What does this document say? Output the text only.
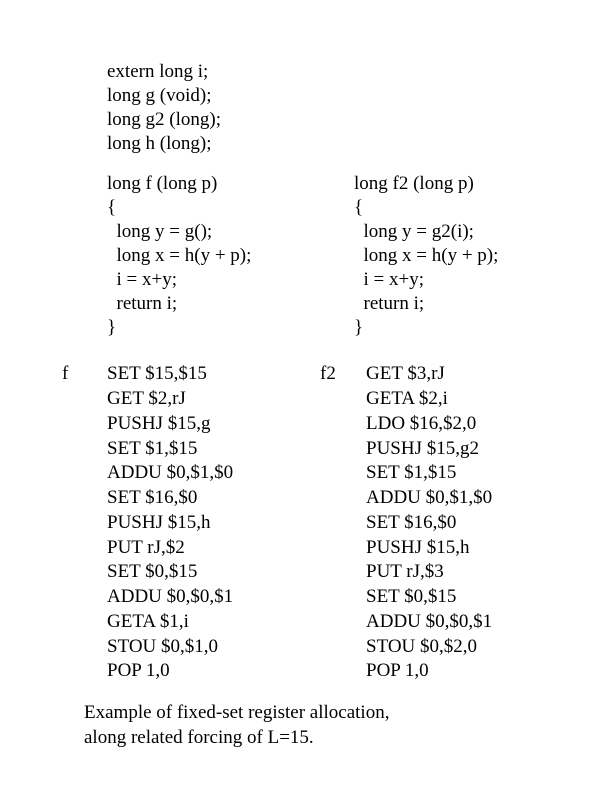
extern long i;
long g (void);
long g2 (long);
long h (long);
long f (long p)
{
long y = g();
long x = h(y + p);
i = x+y;
return i;
}
long f2 (long p)
{
long y = g2(i);
long x = h(y + p);
i = x+y;
return i;
}
f	f2
SET $15,$15
GET $2,rJ
PUSHJ $15,g
SET $1,$15
ADDU $0,$1,$0
SET $16,$0
PUSHJ $15,h
PUT rJ,$2
SET $0,$15
ADDU $0,$0,$1
GETA $1,i
STOU $0,$1,0
POP 1,0
GET $3,rJ
GETA $2,i
LDO $16,$2,0
PUSHJ $15,g2
SET $1,$15
ADDU $0,$1,$0
SET $16,$0
PUSHJ $15,h
PUT rJ,$3
SET $0,$15
ADDU $0,$0,$1
STOU $0,$2,0
POP 1,0
Example of fixed-set register allocation,
along related forcing of L=15.
